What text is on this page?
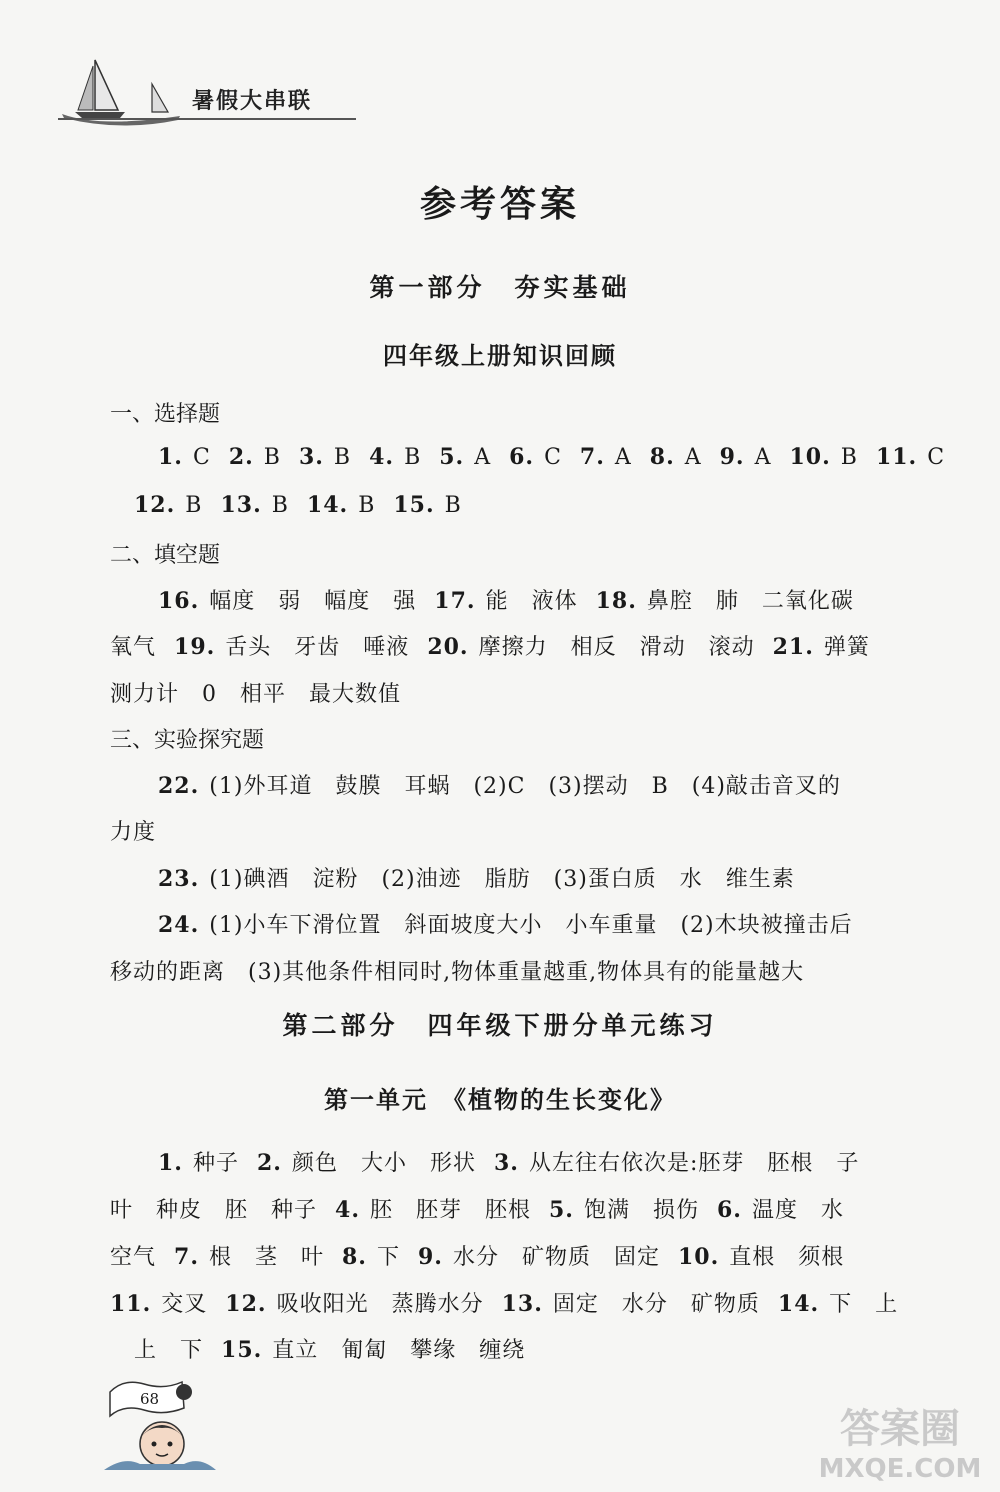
暑假大串联
参考答案
第一部分　夯实基础
四年级上册知识回顾
一、选择题
1. C 2. B 3. B 4. B 5. A 6. C 7. A 8. A 9. A 10. B 11. C
12. B 13. B 14. B 15. B
二、填空题
16. 幅度　弱　幅度　强 17. 能　液体 18. 鼻腔　肺　二氧化碳
氧气 19. 舌头　牙齿　唾液 20. 摩擦力　相反　滑动　滚动 21. 弹簧
测力计　0　相平　最大数值
三、实验探究题
22. (1)外耳道　鼓膜　耳蜗　(2)C　(3)摆动　B　(4)敲击音叉的
力度
23. (1)碘酒　淀粉　(2)油迹　脂肪　(3)蛋白质　水　维生素
24. (1)小车下滑位置　斜面坡度大小　小车重量　(2)木块被撞击后
移动的距离　(3)其他条件相同时,物体重量越重,物体具有的能量越大
第二部分　四年级下册分单元练习
第一单元　《植物的生长变化》
1. 种子 2. 颜色　大小　形状 3. 从左往右依次是:胚芽　胚根　子
叶　种皮　胚　种子 4. 胚　胚芽　胚根 5. 饱满　损伤 6. 温度　水
空气 7. 根　茎　叶 8. 下 9. 水分　矿物质　固定 10. 直根　须根
11. 交叉 12. 吸收阳光　蒸腾水分 13. 固定　水分　矿物质 14. 下　上
上　下 15. 直立　匍匐　攀缘　缠绕
68
答案圈
MXQE.COM
